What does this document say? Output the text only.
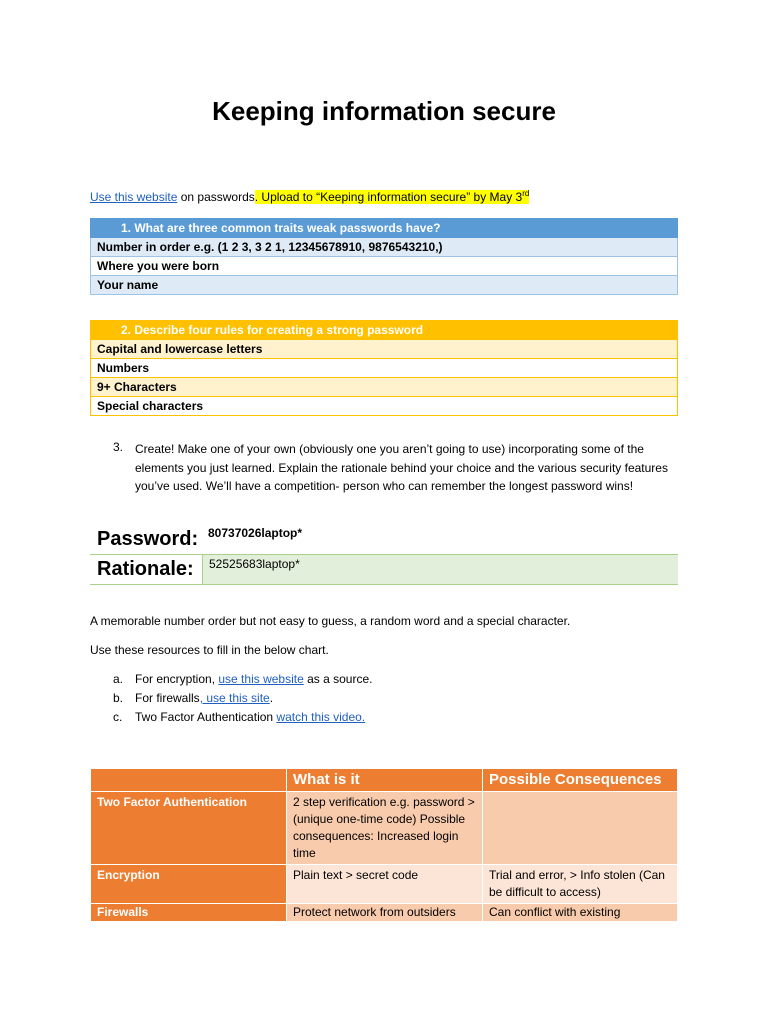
Keeping information secure
Use this website on passwords. Upload to “Keeping information secure” by May 3rd
1. What are three common traits weak passwords have?
Number in order e.g. (1 2 3, 3 2 1, 12345678910, 9876543210,)
Where you were born
Your name
2. Describe four rules for creating a strong password
Capital and lowercase letters
Numbers
9+ Characters
Special characters
3. Create! Make one of your own (obviously one you aren’t going to use) incorporating some of the elements you just learned. Explain the rationale behind your choice and the various security features you’ve used. We’ll have a competition- person who can remember the longest password wins!
Password: 80737026laptop*
Rationale: 52525683laptop*
A memorable number order but not easy to guess, a random word and a special character.
Use these resources to fill in the below chart.
a. For encryption, use this website as a source.
b. For firewalls, use this site.
c. Two Factor Authentication watch this video.
	What is it	Possible Consequences
Two Factor Authentication	2 step verification e.g. password > (unique one-time code) Possible consequences: Increased login time	
Encryption	Plain text > secret code	Trial and error, > Info stolen (Can be difficult to access)
Firewalls	Protect network from outsiders	Can conflict with existing
